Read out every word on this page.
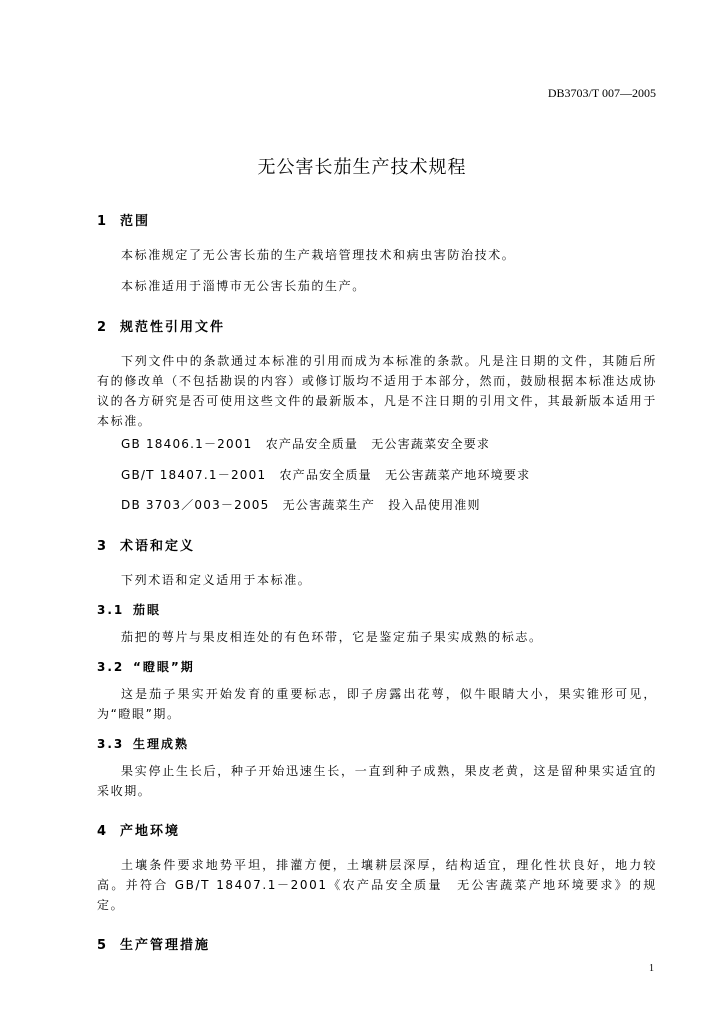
DB3703/T 007—2005
无公害长茄生产技术规程
1 范围
本标准规定了无公害长茄的生产栽培管理技术和病虫害防治技术。
本标准适用于淄博市无公害长茄的生产。
2 规范性引用文件
下列文件中的条款通过本标准的引用而成为本标准的条款。凡是注日期的文件，其随后所有的修改单（不包括勘误的内容）或修订版均不适用于本部分，然而，鼓励根据本标准达成协议的各方研究是否可使用这些文件的最新版本，凡是不注日期的引用文件，其最新版本适用于本标准。
GB 18406.1－2001　农产品安全质量　无公害蔬菜安全要求
GB/T 18407.1－2001　农产品安全质量　无公害蔬菜产地环境要求
DB 3703／003－2005　无公害蔬菜生产　投入品使用准则
3 术语和定义
下列术语和定义适用于本标准。
3.1 茄眼
茄把的萼片与果皮相连处的有色环带，它是鉴定茄子果实成熟的标志。
3.2 “瞪眼”期
这是茄子果实开始发育的重要标志，即子房露出花萼，似牛眼睛大小，果实锥形可见，为“瞪眼”期。
3.3 生理成熟
果实停止生长后，种子开始迅速生长，一直到种子成熟，果皮老黄，这是留种果实适宜的采收期。
4 产地环境
土壤条件要求地势平坦，排灌方便，土壤耕层深厚，结构适宜，理化性状良好，地力较高。并符合 GB/T 18407.1－2001《农产品安全质量　无公害蔬菜产地环境要求》的规定。
5 生产管理措施
1
